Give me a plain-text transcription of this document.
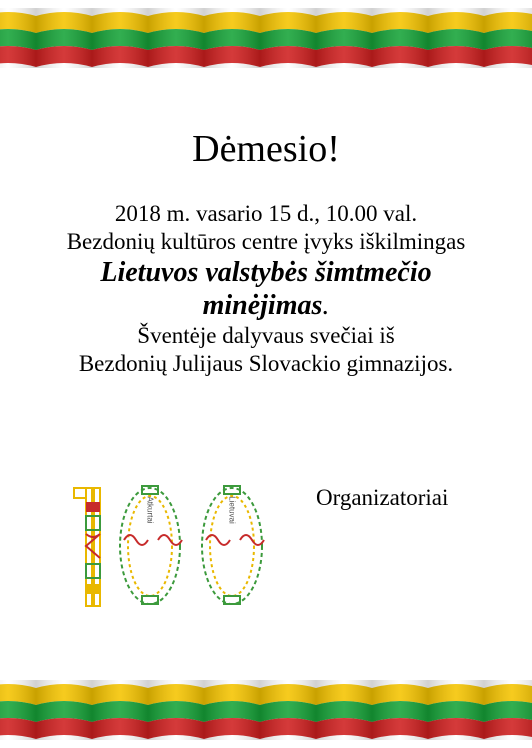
Dėmesio!
2018 m. vasario 15 d., 10.00 val.
Bezdonių kultūros centre įvyks iškilmingas
Lietuvos valstybės šimtmečio
minėjimas.
Šventėje dalyvaus svečiai iš
Bezdonių Julijaus Slovackio gimnazijos.
Atkurtai	Lietuvai	Organizatoriai
